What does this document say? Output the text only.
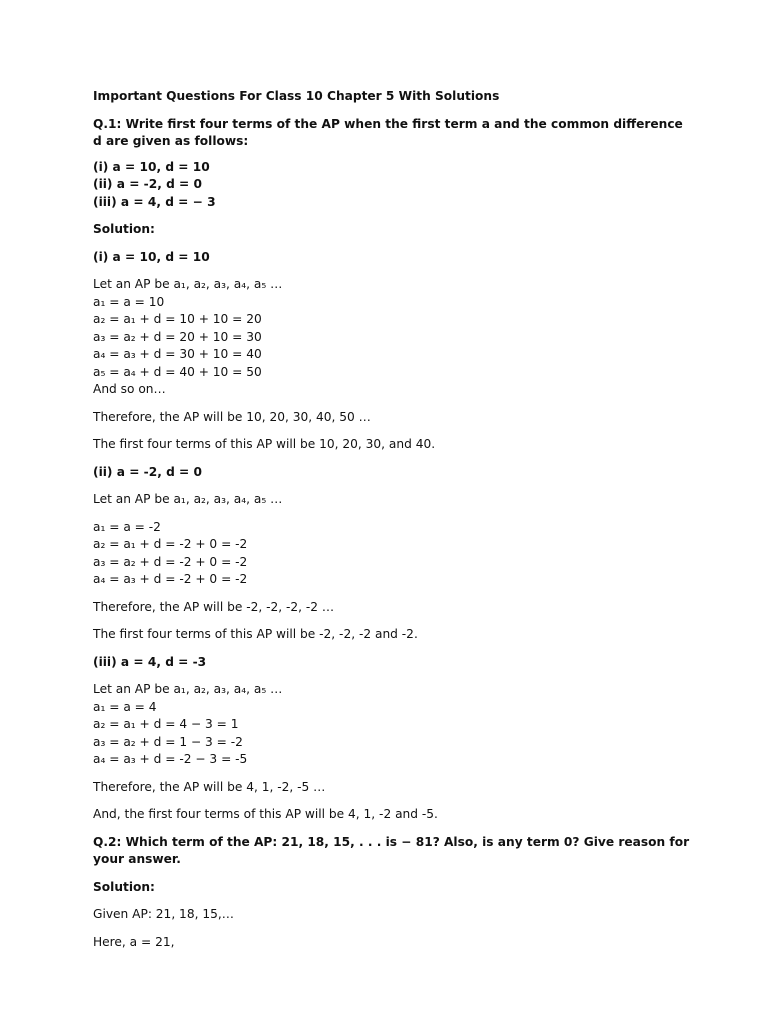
Important Questions For Class 10 Chapter 5 With Solutions

Q.1: Write first four terms of the AP when the first term a and the common difference d are given as follows:

(i) a = 10, d = 10

(ii) a = -2, d = 0

(iii) a = 4, d = − 3

Solution:

(i) a = 10, d = 10

Let an AP be a₁, a₂, a₃, a₄, a₅ …

a₁ = a = 10

a₂ = a₁ + d = 10 + 10 = 20

a₃ = a₂ + d = 20 + 10 = 30

a₄ = a₃ + d = 30 + 10 = 40

a₅ = a₄ + d = 40 + 10 = 50

And so on…

Therefore, the AP will be 10, 20, 30, 40, 50 …

The first four terms of this AP will be 10, 20, 30, and 40.

(ii) a = -2, d = 0

Let an AP be a₁, a₂, a₃, a₄, a₅ …

a₁ = a = -2

a₂ = a₁ + d = -2 + 0 = -2

a₃ = a₂ + d = -2 + 0 = -2

a₄ = a₃ + d = -2 + 0 = -2

Therefore, the AP will be -2, -2, -2, -2 …

The first four terms of this AP will be -2, -2, -2 and -2.

(iii) a = 4, d = -3

Let an AP be a₁, a₂, a₃, a₄, a₅ …

a₁ = a = 4

a₂ = a₁ + d = 4 − 3 = 1

a₃ = a₂ + d = 1 − 3 = -2

a₄ = a₃ + d = -2 − 3 = -5

Therefore, the AP will be 4, 1, -2, -5 …

And, the first four terms of this AP will be 4, 1, -2 and -5.

Q.2: Which term of the AP: 21, 18, 15, . . . is − 81? Also, is any term 0? Give reason for your answer.

Solution:

Given AP: 21, 18, 15,…

Here, a = 21,
